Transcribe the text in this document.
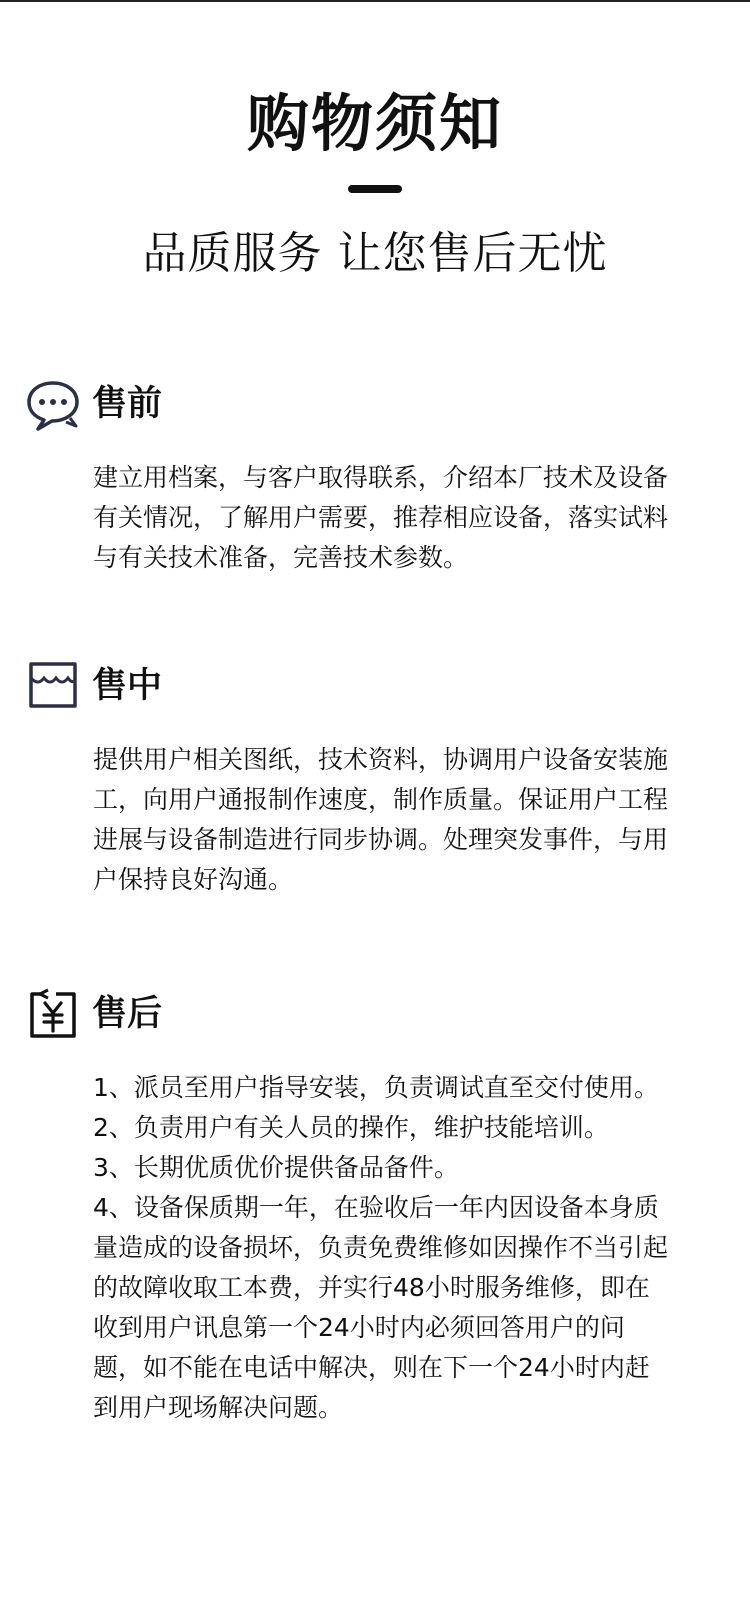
购物须知
品质服务 让您售后无忧
售前

建立用档案，与客户取得联系，介绍本厂技术及设备有关情况，了解用户需要，推荐相应设备，落实试料与有关技术准备，完善技术参数。

售中

提供用户相关图纸，技术资料，协调用户设备安装施工，向用户通报制作速度，制作质量。保证用户工程进展与设备制造进行同步协调。处理突发事件，与用户保持良好沟通。

售后
1、派员至用户指导安装，负责调试直至交付使用。
2、负责用户有关人员的操作，维护技能培训。
3、长期优质优价提供备品备件。
4、设备保质期一年，在验收后一年内因设备本身质量造成的设备损坏，负责免费维修如因操作不当引起的故障收取工本费，并实行48小时服务维修，即在收到用户讯息第一个24小时内必须回答用户的问题，如不能在电话中解决，则在下一个24小时内赶到用户现场解决问题。
